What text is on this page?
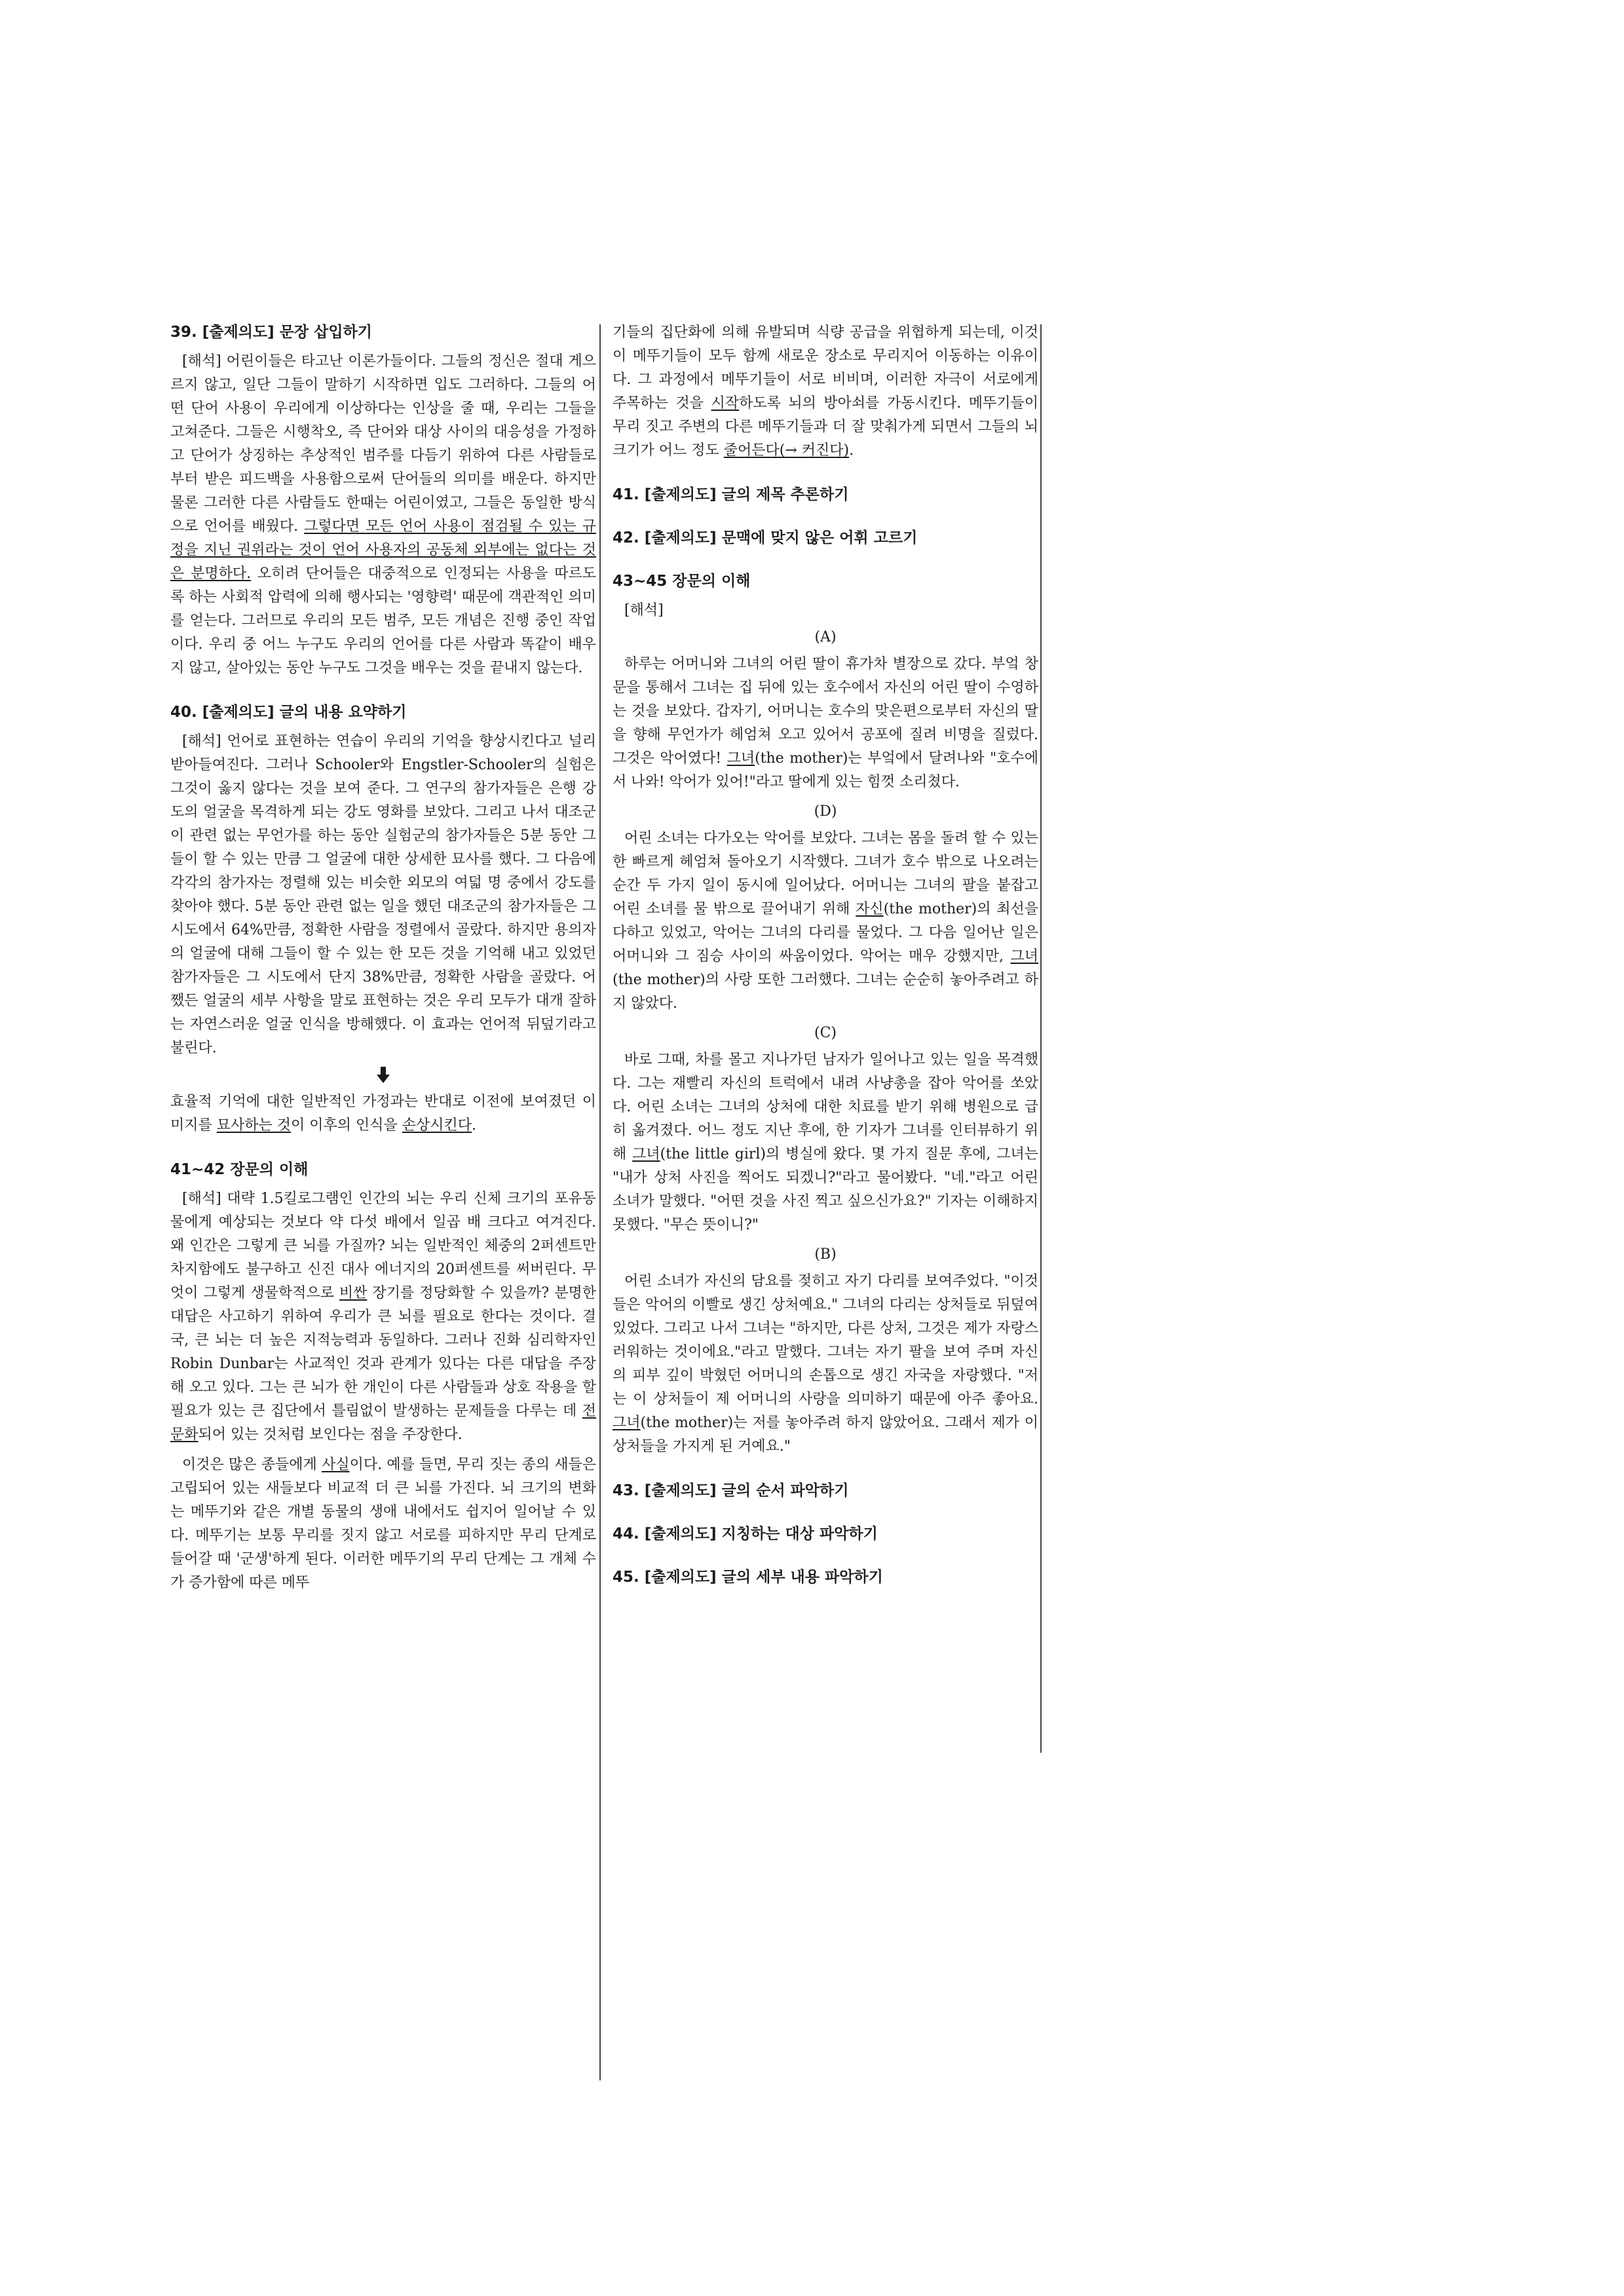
39. [출제의도] 문장 삽입하기

[해석] 어린이들은 타고난 이론가들이다. 그들의 정신은 절대 게으르지 않고, 일단 그들이 말하기 시작하면 입도 그러하다. 그들의 어떤 단어 사용이 우리에게 이상하다는 인상을 줄 때, 우리는 그들을 고쳐준다. 그들은 시행착오, 즉 단어와 대상 사이의 대응성을 가정하고 단어가 상징하는 추상적인 범주를 다듬기 위하여 다른 사람들로부터 받은 피드백을 사용함으로써 단어들의 의미를 배운다. 하지만 물론 그러한 다른 사람들도 한때는 어린이였고, 그들은 동일한 방식으로 언어를 배웠다. 그렇다면 모든 언어 사용이 점검될 수 있는 규정을 지닌 권위라는 것이 언어 사용자의 공동체 외부에는 없다는 것은 분명하다. 오히려 단어들은 대중적으로 인정되는 사용을 따르도록 하는 사회적 압력에 의해 행사되는 '영향력' 때문에 객관적인 의미를 얻는다. 그러므로 우리의 모든 범주, 모든 개념은 진행 중인 작업이다. 우리 중 어느 누구도 우리의 언어를 다른 사람과 똑같이 배우지 않고, 살아있는 동안 누구도 그것을 배우는 것을 끝내지 않는다.

40. [출제의도] 글의 내용 요약하기

[해석] 언어로 표현하는 연습이 우리의 기억을 향상시킨다고 널리 받아들여진다. 그러나 Schooler와 Engstler-Schooler의 실험은 그것이 옳지 않다는 것을 보여 준다. 그 연구의 참가자들은 은행 강도의 얼굴을 목격하게 되는 강도 영화를 보았다. 그리고 나서 대조군이 관련 없는 무언가를 하는 동안 실험군의 참가자들은 5분 동안 그들이 할 수 있는 만큼 그 얼굴에 대한 상세한 묘사를 했다. 그 다음에 각각의 참가자는 정렬해 있는 비슷한 외모의 여덟 명 중에서 강도를 찾아야 했다. 5분 동안 관련 없는 일을 했던 대조군의 참가자들은 그 시도에서 64%만큼, 정확한 사람을 정렬에서 골랐다. 하지만 용의자의 얼굴에 대해 그들이 할 수 있는 한 모든 것을 기억해 내고 있었던 참가자들은 그 시도에서 단지 38%만큼, 정확한 사람을 골랐다. 어쨌든 얼굴의 세부 사항을 말로 표현하는 것은 우리 모두가 대개 잘하는 자연스러운 얼굴 인식을 방해했다. 이 효과는 언어적 뒤덮기라고 불린다.

효율적 기억에 대한 일반적인 가정과는 반대로 이전에 보여졌던 이미지를 묘사하는 것이 이후의 인식을 손상시킨다.

41~42 장문의 이해

[해석] 대략 1.5킬로그램인 인간의 뇌는 우리 신체 크기의 포유동물에게 예상되는 것보다 약 다섯 배에서 일곱 배 크다고 여겨진다. 왜 인간은 그렇게 큰 뇌를 가질까? 뇌는 일반적인 체중의 2퍼센트만 차지함에도 불구하고 신진 대사 에너지의 20퍼센트를 써버린다. 무엇이 그렇게 생물학적으로 비싼 장기를 정당화할 수 있을까? 분명한 대답은 사고하기 위하여 우리가 큰 뇌를 필요로 한다는 것이다. 결국, 큰 뇌는 더 높은 지적능력과 동일하다. 그러나 진화 심리학자인 Robin Dunbar는 사교적인 것과 관계가 있다는 다른 대답을 주장해 오고 있다. 그는 큰 뇌가 한 개인이 다른 사람들과 상호 작용을 할 필요가 있는 큰 집단에서 틀림없이 발생하는 문제들을 다루는 데 전문화되어 있는 것처럼 보인다는 점을 주장한다.

이것은 많은 종들에게 사실이다. 예를 들면, 무리 짓는 종의 새들은 고립되어 있는 새들보다 비교적 더 큰 뇌를 가진다. 뇌 크기의 변화는 메뚜기와 같은 개별 동물의 생애 내에서도 쉽지어 일어날 수 있다. 메뚜기는 보통 무리를 짓지 않고 서로를 피하지만 무리 단계로 들어갈 때 '군생'하게 된다. 이러한 메뚜기의 무리 단계는 그 개체 수가 증가함에 따른 메뚜

기들의 집단화에 의해 유발되며 식량 공급을 위협하게 되는데, 이것이 메뚜기들이 모두 함께 새로운 장소로 무리지어 이동하는 이유이다. 그 과정에서 메뚜기들이 서로 비비며, 이러한 자극이 서로에게 주목하는 것을 시작하도록 뇌의 방아쇠를 가동시킨다. 메뚜기들이 무리 짓고 주변의 다른 메뚜기들과 더 잘 맞춰가게 되면서 그들의 뇌 크기가 어느 정도 줄어든다(→ 커진다).

41. [출제의도] 글의 제목 추론하기
42. [출제의도] 문맥에 맞지 않은 어휘 고르기
43~45 장문의 이해

[해석]

(A)

하루는 어머니와 그녀의 어린 딸이 휴가차 별장으로 갔다. 부엌 창문을 통해서 그녀는 집 뒤에 있는 호수에서 자신의 어린 딸이 수영하는 것을 보았다. 갑자기, 어머니는 호수의 맞은편으로부터 자신의 딸을 향해 무언가가 헤엄쳐 오고 있어서 공포에 질려 비명을 질렀다. 그것은 악어였다! 그녀(the mother)는 부엌에서 달려나와 "호수에서 나와! 악어가 있어!"라고 딸에게 있는 힘껏 소리쳤다.

(D)

어린 소녀는 다가오는 악어를 보았다. 그녀는 몸을 돌려 할 수 있는 한 빠르게 헤엄쳐 돌아오기 시작했다. 그녀가 호수 밖으로 나오려는 순간 두 가지 일이 동시에 일어났다. 어머니는 그녀의 팔을 붙잡고 어린 소녀를 물 밖으로 끌어내기 위해 자신(the mother)의 최선을 다하고 있었고, 악어는 그녀의 다리를 물었다. 그 다음 일어난 일은 어머니와 그 짐승 사이의 싸움이었다. 악어는 매우 강했지만, 그녀(the mother)의 사랑 또한 그러했다. 그녀는 순순히 놓아주려고 하지 않았다.

(C)

바로 그때, 차를 몰고 지나가던 남자가 일어나고 있는 일을 목격했다. 그는 재빨리 자신의 트럭에서 내려 사냥총을 잡아 악어를 쏘았다. 어린 소녀는 그녀의 상처에 대한 치료를 받기 위해 병원으로 급히 옮겨졌다. 어느 정도 지난 후에, 한 기자가 그녀를 인터뷰하기 위해 그녀(the little girl)의 병실에 왔다. 몇 가지 질문 후에, 그녀는 "내가 상처 사진을 찍어도 되겠니?"라고 물어봤다. "네."라고 어린 소녀가 말했다. "어떤 것을 사진 찍고 싶으신가요?" 기자는 이해하지 못했다. "무슨 뜻이니?"

(B)

어린 소녀가 자신의 담요를 젖히고 자기 다리를 보여주었다. "이것들은 악어의 이빨로 생긴 상처예요." 그녀의 다리는 상처들로 뒤덮여 있었다. 그리고 나서 그녀는 "하지만, 다른 상처, 그것은 제가 자랑스러워하는 것이에요."라고 말했다. 그녀는 자기 팔을 보여 주며 자신의 피부 깊이 박혔던 어머니의 손톱으로 생긴 자국을 자랑했다. "저는 이 상처들이 제 어머니의 사랑을 의미하기 때문에 아주 좋아요. 그녀(the mother)는 저를 놓아주려 하지 않았어요. 그래서 제가 이 상처들을 가지게 된 거예요."

43. [출제의도] 글의 순서 파악하기
44. [출제의도] 지칭하는 대상 파악하기
45. [출제의도] 글의 세부 내용 파악하기
